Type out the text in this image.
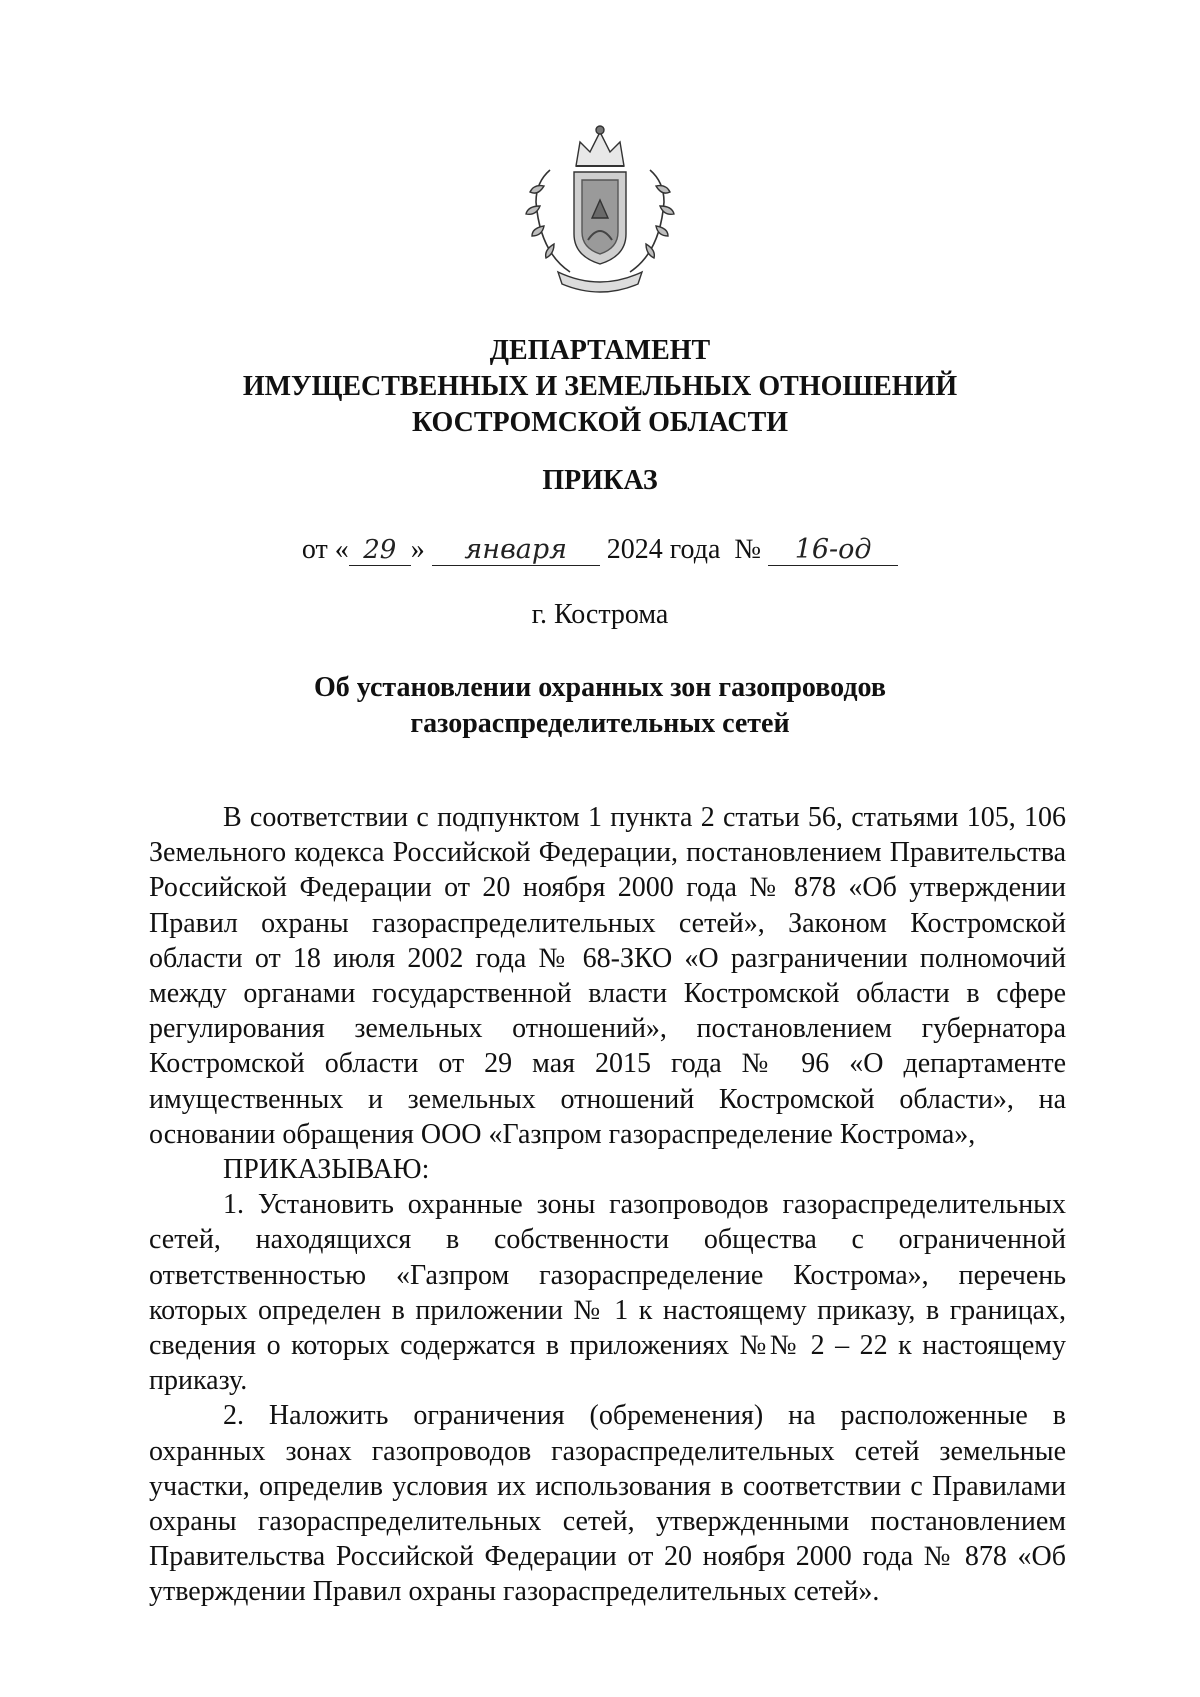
ДЕПАРТАМЕНТ
ИМУЩЕСТВЕННЫХ И ЗЕМЕЛЬНЫХ ОТНОШЕНИЙ
КОСТРОМСКОЙ ОБЛАСТИ
ПРИКАЗ
от « 29 » января 2024 года № 16-од
г. Кострома
Об установлении охранных зон газопроводов
газораспределительных сетей

В соответствии с подпунктом 1 пункта 2 статьи 56, статьями 105, 106 Земельного кодекса Российской Федерации, постановлением Правительства Российской Федерации от 20 ноября 2000 года № 878 «Об утверждении Правил охраны газораспределительных сетей», Законом Костромской области от 18 июля 2002 года № 68-ЗКО «О разграничении полномочий между органами государственной власти Костромской области в сфере регулирования земельных отношений», постановлением губернатора Костромской области от 29 мая 2015 года № 96 «О департаменте имущественных и земельных отношений Костромской области», на основании обращения ООО «Газпром газораспределение Кострома»,

ПРИКАЗЫВАЮ:

1. Установить охранные зоны газопроводов газораспределительных сетей, находящихся в собственности общества с ограниченной ответственностью «Газпром газораспределение Кострома», перечень которых определен в приложении № 1 к настоящему приказу, в границах, сведения о которых содержатся в приложениях №№ 2 – 22 к настоящему приказу.

2. Наложить ограничения (обременения) на расположенные в охранных зонах газопроводов газораспределительных сетей земельные участки, определив условия их использования в соответствии с Правилами охраны газораспределительных сетей, утвержденными постановлением Правительства Российской Федерации от 20 ноября 2000 года № 878 «Об утверждении Правил охраны газораспределительных сетей».
